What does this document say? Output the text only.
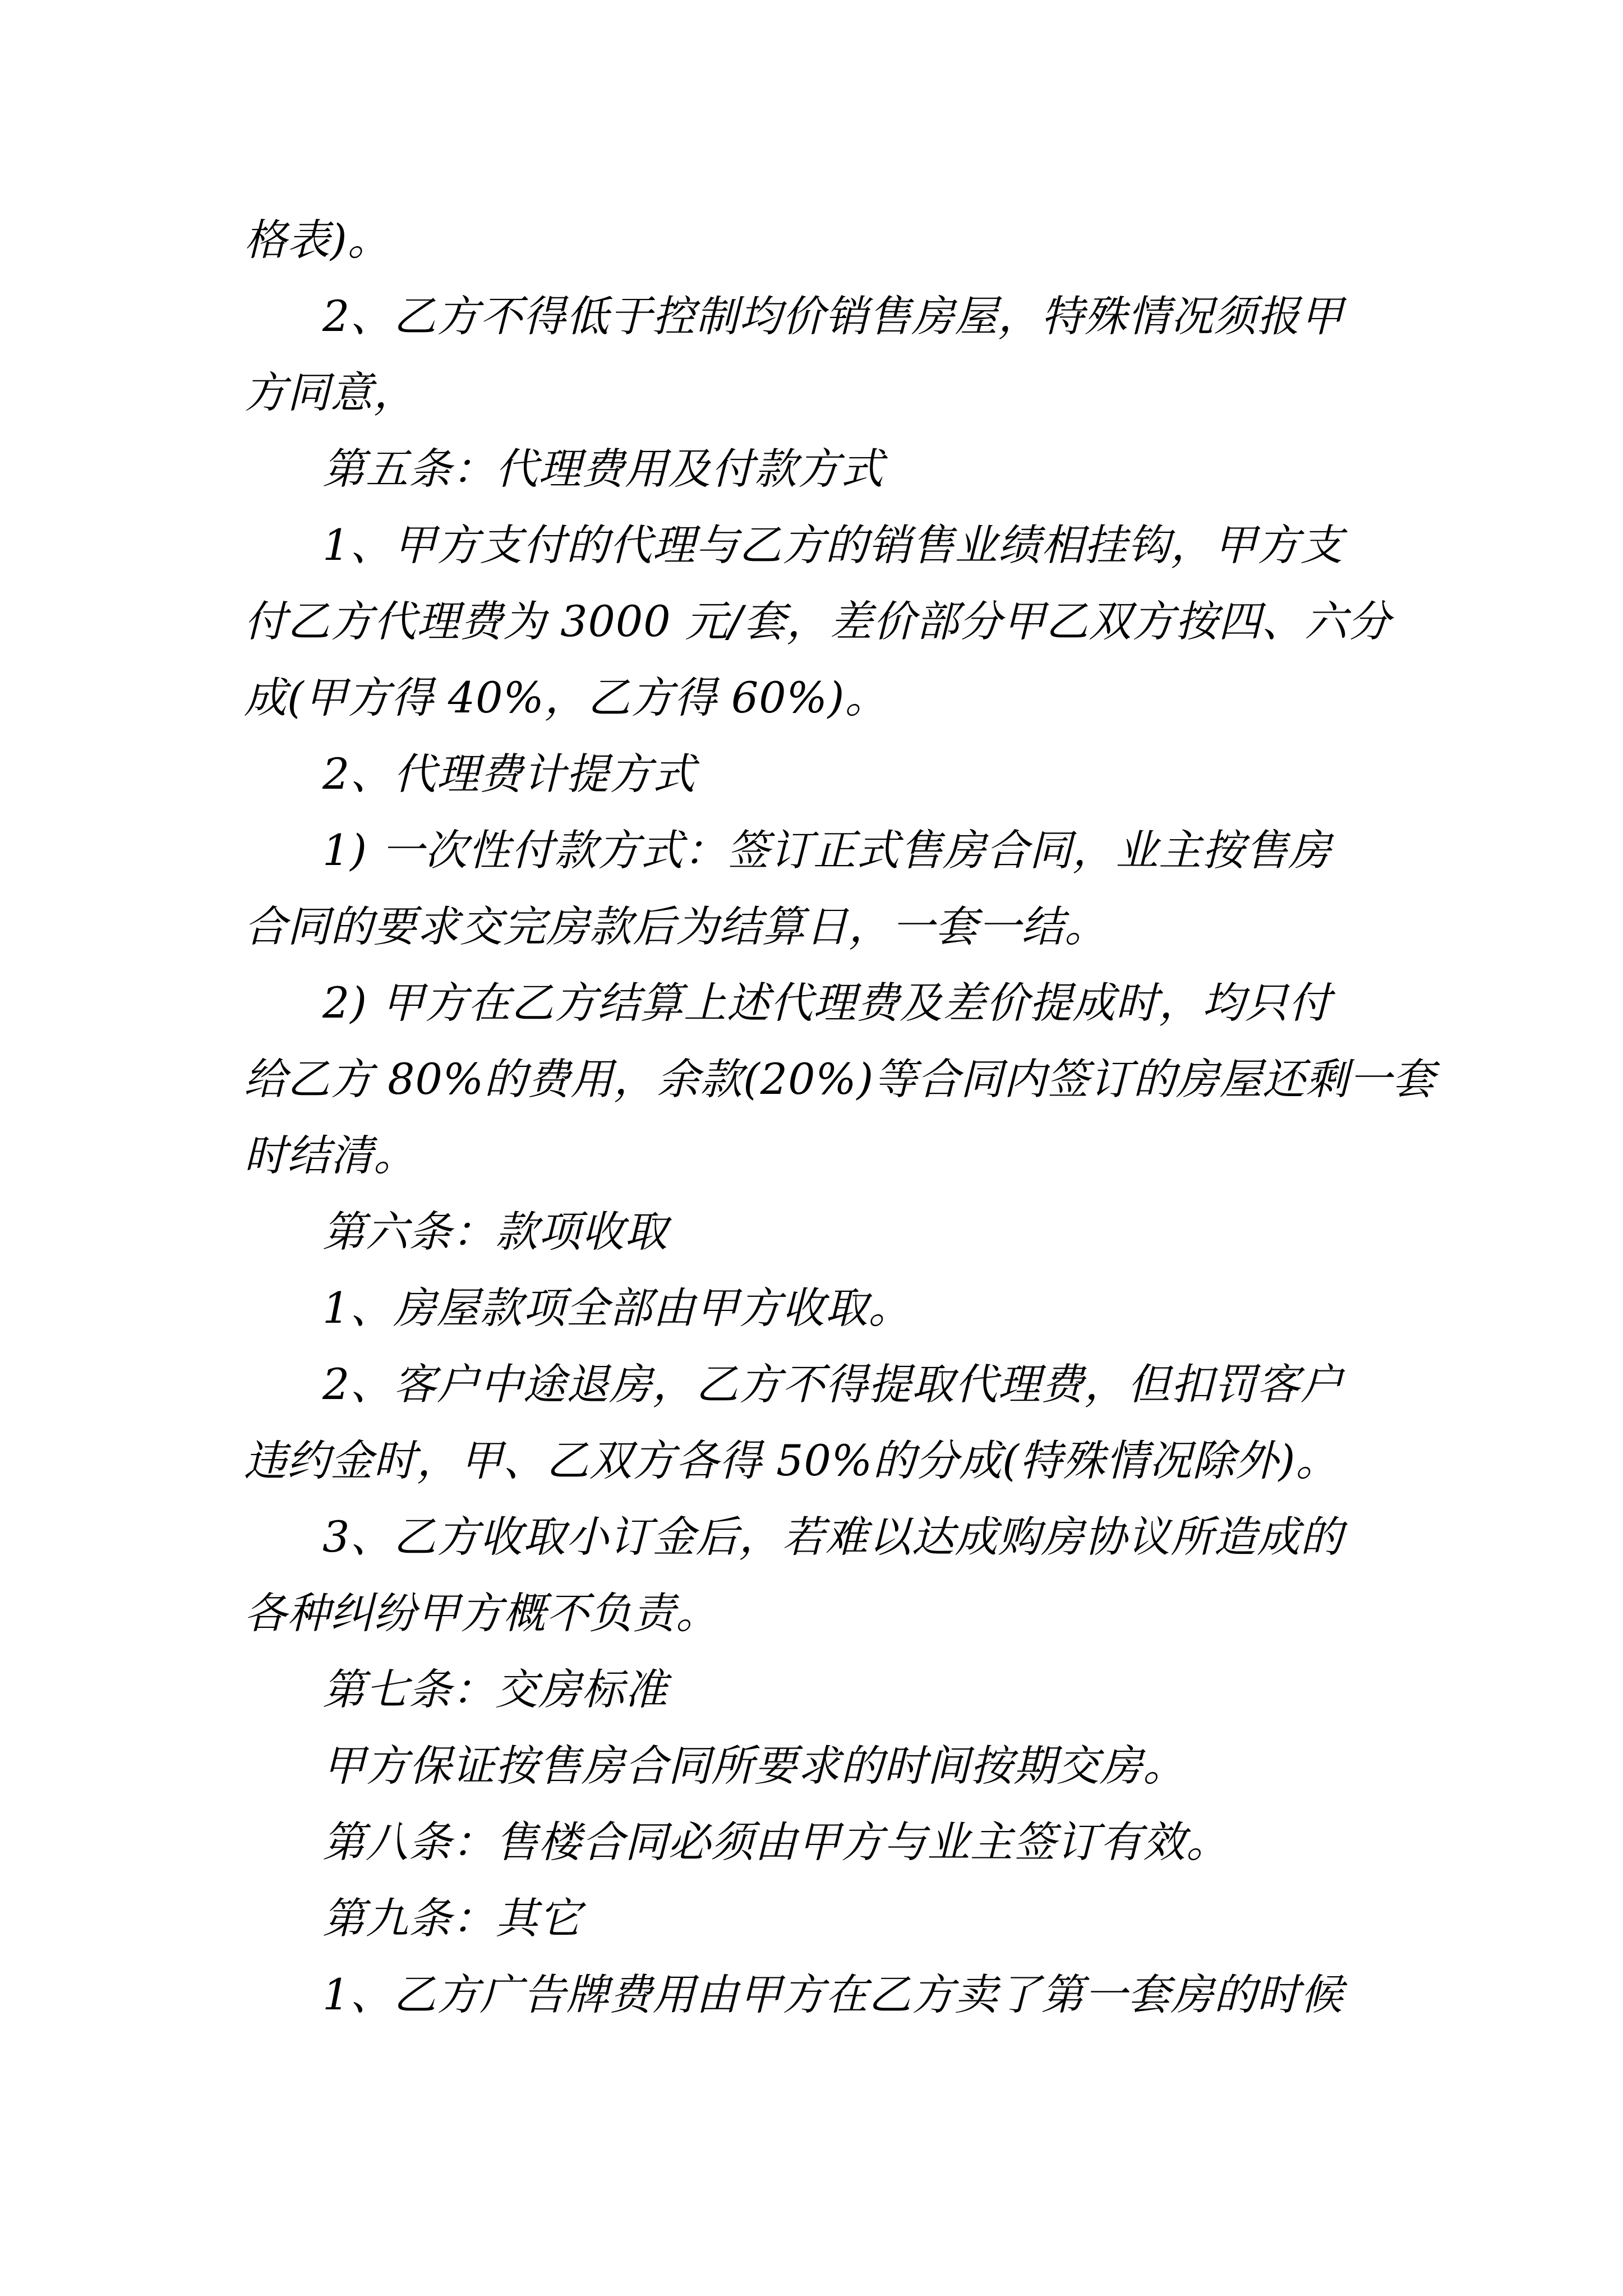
格表)。
2、乙方不得低于控制均价销售房屋，特殊情况须报甲
方同意，
第五条：代理费用及付款方式
1、甲方支付的代理与乙方的销售业绩相挂钩，甲方支
付乙方代理费为 3000 元/套，差价部分甲乙双方按四、六分
成(甲方得 40%，乙方得 60%)。
2、代理费计提方式
1) 一次性付款方式：签订正式售房合同，业主按售房
合同的要求交完房款后为结算日，一套一结。
2) 甲方在乙方结算上述代理费及差价提成时，均只付
给乙方 80%的费用，余款(20%)等合同内签订的房屋还剩一套
时结清。
第六条：款项收取
1、房屋款项全部由甲方收取。
2、客户中途退房，乙方不得提取代理费，但扣罚客户
违约金时，甲、乙双方各得 50%的分成(特殊情况除外)。
3、乙方收取小订金后，若难以达成购房协议所造成的
各种纠纷甲方概不负责。
第七条：交房标准
甲方保证按售房合同所要求的时间按期交房。
第八条：售楼合同必须由甲方与业主签订有效。
第九条：其它
1、乙方广告牌费用由甲方在乙方卖了第一套房的时候
